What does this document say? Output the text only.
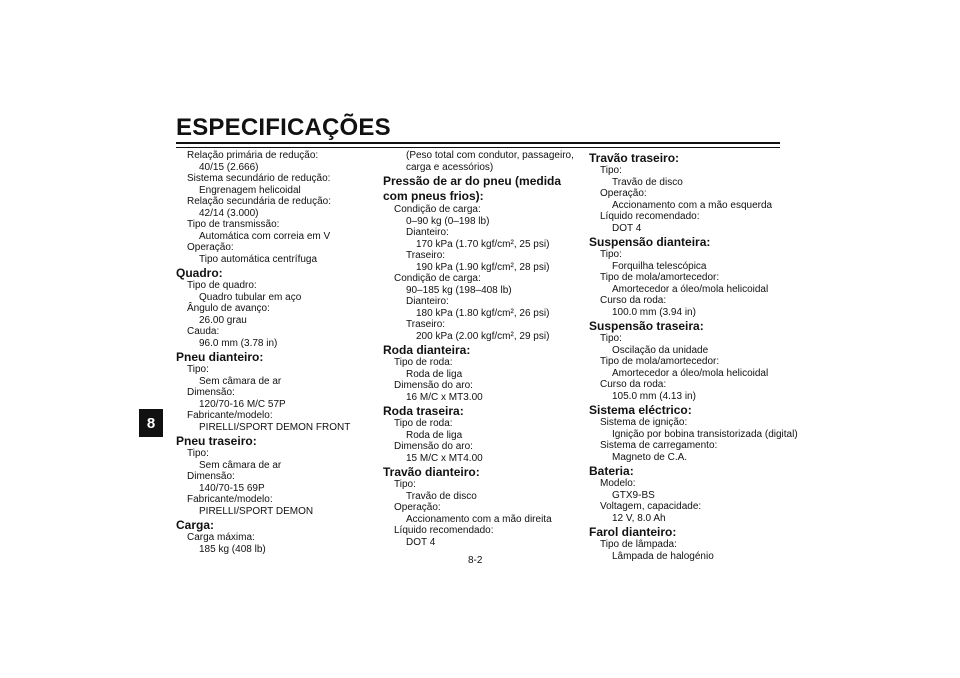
ESPECIFICAÇÕES
8
Relação primária de redução:
40/15 (2.666)
Sistema secundário de redução:
Engrenagem helicoidal
Relação secundária de redução:
42/14 (3.000)
Tipo de transmissão:
Automática com correia em V
Operação:
Tipo automática centrífuga
Quadro:
Tipo de quadro:
Quadro tubular em aço
Ângulo de avanço:
26.00 grau
Cauda:
96.0 mm (3.78 in)
Pneu dianteiro:
Tipo:
Sem câmara de ar
Dimensão:
120/70-16 M/C 57P
Fabricante/modelo:
PIRELLI/SPORT DEMON FRONT
Pneu traseiro:
Tipo:
Sem câmara de ar
Dimensão:
140/70-15 69P
Fabricante/modelo:
PIRELLI/SPORT DEMON
Carga:
Carga máxima:
185 kg (408 lb)
(Peso total com condutor, passageiro,
carga e acessórios)
Pressão de ar do pneu (medida com pneus frios):
Condição de carga:
0–90 kg (0–198 lb)
Dianteiro:
170 kPa (1.70 kgf/cm², 25 psi)
Traseiro:
190 kPa (1.90 kgf/cm², 28 psi)
Condição de carga:
90–185 kg (198–408 lb)
Dianteiro:
180 kPa (1.80 kgf/cm², 26 psi)
Traseiro:
200 kPa (2.00 kgf/cm², 29 psi)
Roda dianteira:
Tipo de roda:
Roda de liga
Dimensão do aro:
16 M/C x MT3.00
Roda traseira:
Tipo de roda:
Roda de liga
Dimensão do aro:
15 M/C x MT4.00
Travão dianteiro:
Tipo:
Travão de disco
Operação:
Accionamento com a mão direita
Líquido recomendado:
DOT 4
Travão traseiro:
Tipo:
Travão de disco
Operação:
Accionamento com a mão esquerda
Líquido recomendado:
DOT 4
Suspensão dianteira:
Tipo:
Forquilha telescópica
Tipo de mola/amortecedor:
Amortecedor a óleo/mola helicoidal
Curso da roda:
100.0 mm (3.94 in)
Suspensão traseira:
Tipo:
Oscilação da unidade
Tipo de mola/amortecedor:
Amortecedor a óleo/mola helicoidal
Curso da roda:
105.0 mm (4.13 in)
Sistema eléctrico:
Sistema de ignição:
Ignição por bobina transistorizada (digital)
Sistema de carregamento:
Magneto de C.A.
Bateria:
Modelo:
GTX9-BS
Voltagem, capacidade:
12 V, 8.0 Ah
Farol dianteiro:
Tipo de lâmpada:
Lâmpada de halogénio
8-2
